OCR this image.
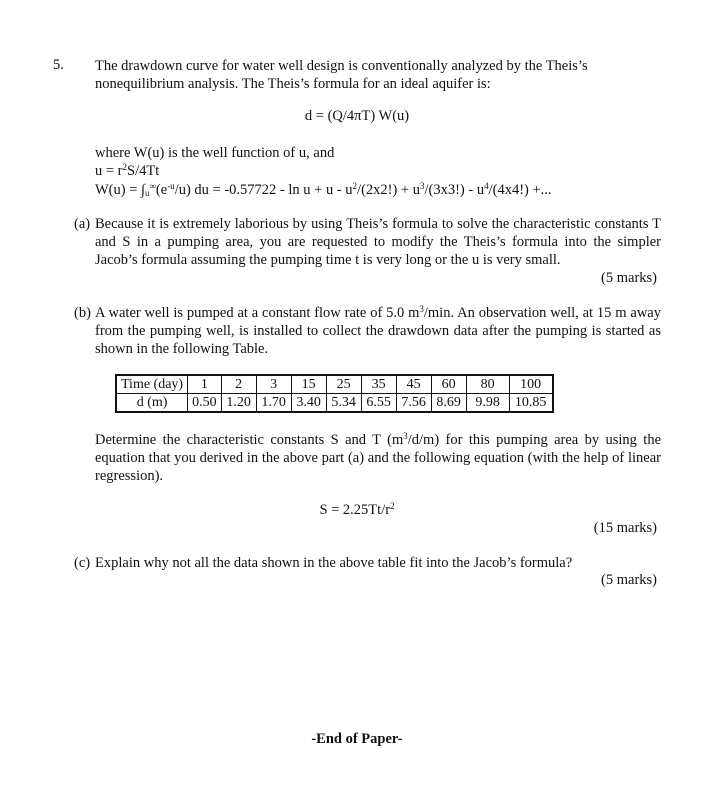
5. The drawdown curve for water well design is conventionally analyzed by the Theis’s nonequilibrium analysis. The Theis’s formula for an ideal aquifer is:
d = (Q/4πT) W(u)
where W(u) is the well function of u, and
$u = r^2S/4Tt$
$W(u) = \int_u^\infty(e^{-u}/u)$ du = $-0.57722 - \ln u + u - u^2/(2x2!) + u^3/(3x3!) - u^4/(4x4!)$ +...
(a) Because it is extremely laborious by using Theis’s formula to solve the characteristic constants T and S in a pumping area, you are requested to modify the Theis’s formula into the simpler Jacob’s formula assuming the pumping time t is very long or the u is very small.
(5 marks)
(b) A water well is pumped at a constant flow rate of 5.0 $m^3/\min$. An observation well, at 15 m away from the pumping well, is installed to collect the drawdown data after the pumping is started as shown in the following Table.
Time (day)	1	2	3	15	25	35	45	60	80	100
d (m)	0.50	1.20	1.70	3.40	5.34	6.55	7.56	8.69	9.98	10.85
Determine the characteristic constants S and T $(m^3/d/m)$ for this pumping area by using the equation that you derived in the above part (a) and the following equation (with the help of linear regression).
$S = 2.25Tt/r^2$
(15 marks)
(c) Explain why not all the data shown in the above table fit into the Jacob’s formula?
(5 marks)
-End of Paper-
